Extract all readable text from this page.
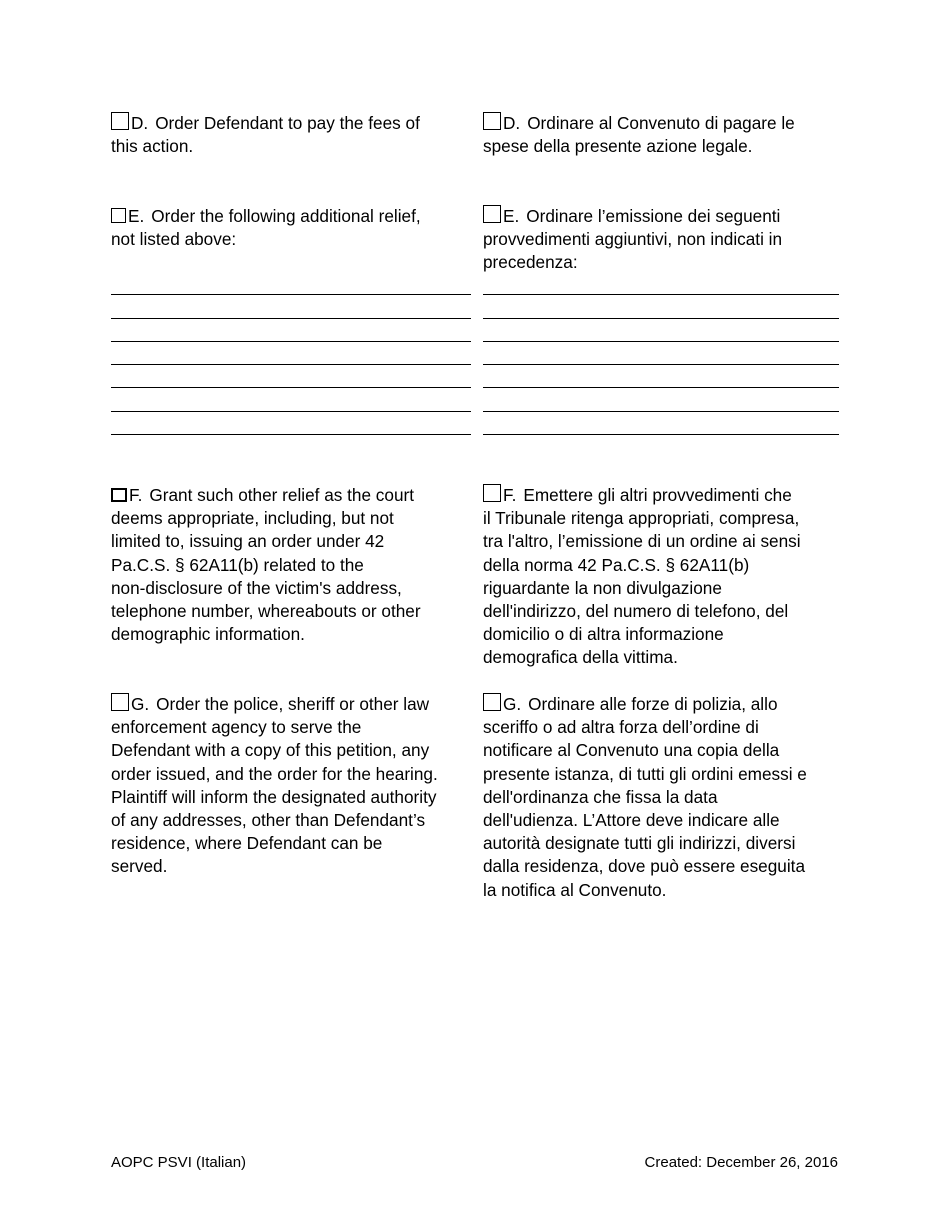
D. Order Defendant to pay the fees of

this action.

E. Order the following additional relief,

not listed above:

F. Grant such other relief as the court

deems appropriate, including, but not

limited to, issuing an order under 42

Pa.C.S. § 62A11(b) related to the

non-disclosure of the victim's address,

telephone number, whereabouts or other

demographic information.

G. Order the police, sheriff or other law

enforcement agency to serve the

Defendant with a copy of this petition, any

order issued, and the order for the hearing.

Plaintiff will inform the designated authority

of any addresses, other than Defendant’s

residence, where Defendant can be

served.

D. Ordinare al Convenuto di pagare le

spese della presente azione legale.

E. Ordinare l’emissione dei seguenti

provvedimenti aggiuntivi, non indicati in

precedenza:

F. Emettere gli altri provvedimenti che

il Tribunale ritenga appropriati, compresa,

tra l'altro, l’emissione di un ordine ai sensi

della norma 42 Pa.C.S. § 62A11(b)

riguardante la non divulgazione

dell'indirizzo, del numero di telefono, del

domicilio o di altra informazione

demografica della vittima.

G. Ordinare alle forze di polizia, allo

sceriffo o ad altra forza dell’ordine di

notificare al Convenuto una copia della

presente istanza, di tutti gli ordini emessi e

dell'ordinanza che fissa la data

dell'udienza. L’Attore deve indicare alle

autorità designate tutti gli indirizzi, diversi

dalla residenza, dove può essere eseguita

la notifica al Convenuto.

AOPC PSVI (Italian)	Created: December 26, 2016
